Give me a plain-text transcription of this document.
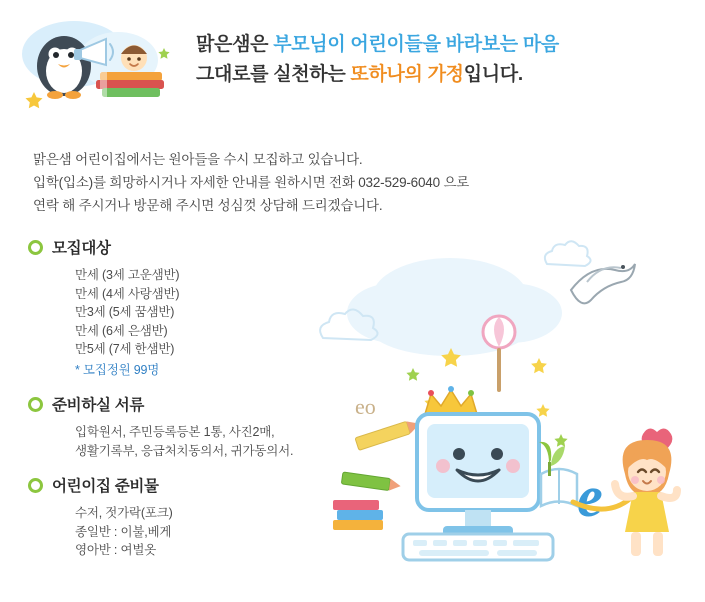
맑은샘은 부모님이 어린이들을 바라보는 마음
그대로를 실천하는 또하나의 가정입니다.
맑은샘 어린이집에서는 원아들을 수시 모집하고 있습니다.
입학(입소)를 희망하시거나 자세한 안내를 원하시면 전화 032-529-6040 으로
연락 해 주시거나 방문해 주시면 성심껏 상담해 드리겠습니다.
eo
e
모집대상
만세 (3세 고운샘반)
만세 (4세 사랑샘반)
만3세 (5세 꿈샘반)
만세 (6세 은샘반)
만5세 (7세 한샘반)
* 모집정원 99명
준비하실 서류
입학원서, 주민등록등본 1통, 사진2매,
생활기록부, 응급처치동의서, 귀가동의서.
어린이집 준비물
수저, 젓가락(포크)
종일반 : 이불,베게
영아반 : 여벌옷
